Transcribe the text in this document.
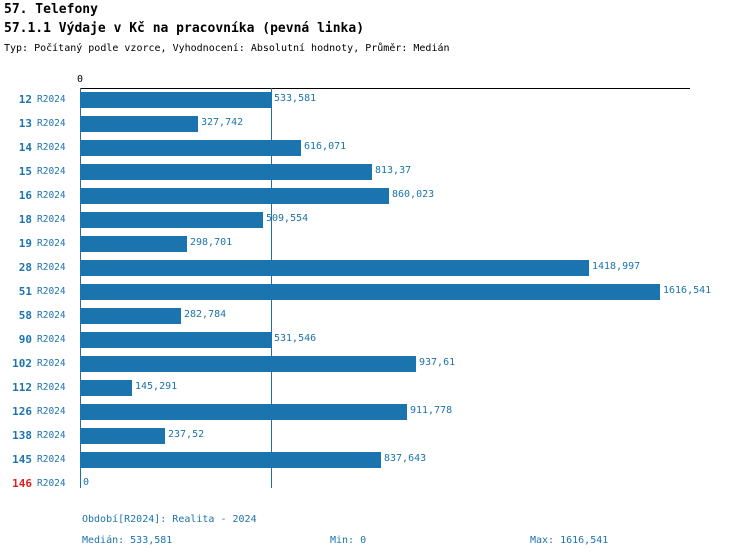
57. Telefony
57.1.1 Výdaje v Kč na pracovníka (pevná linka)
Typ: Počítaný podle vzorce, Vyhodnocení: Absolutní hodnoty, Průměr: Medián
0
12 R2024	533,581
13 R2024	327,742
14 R2024	616,071
15 R2024	813,37
16 R2024	860,023
18 R2024	509,554
19 R2024	298,701
28 R2024	1418,997
51 R2024	1616,541
58 R2024	282,784
90 R2024	531,546
102 R2024	937,61
112 R2024	145,291
126 R2024	911,778
138 R2024	237,52
145 R2024	837,643
146 R2024 0
Období[R2024]: Realita - 2024
Medián: 533,581	Min: 0	Max: 1616,541
